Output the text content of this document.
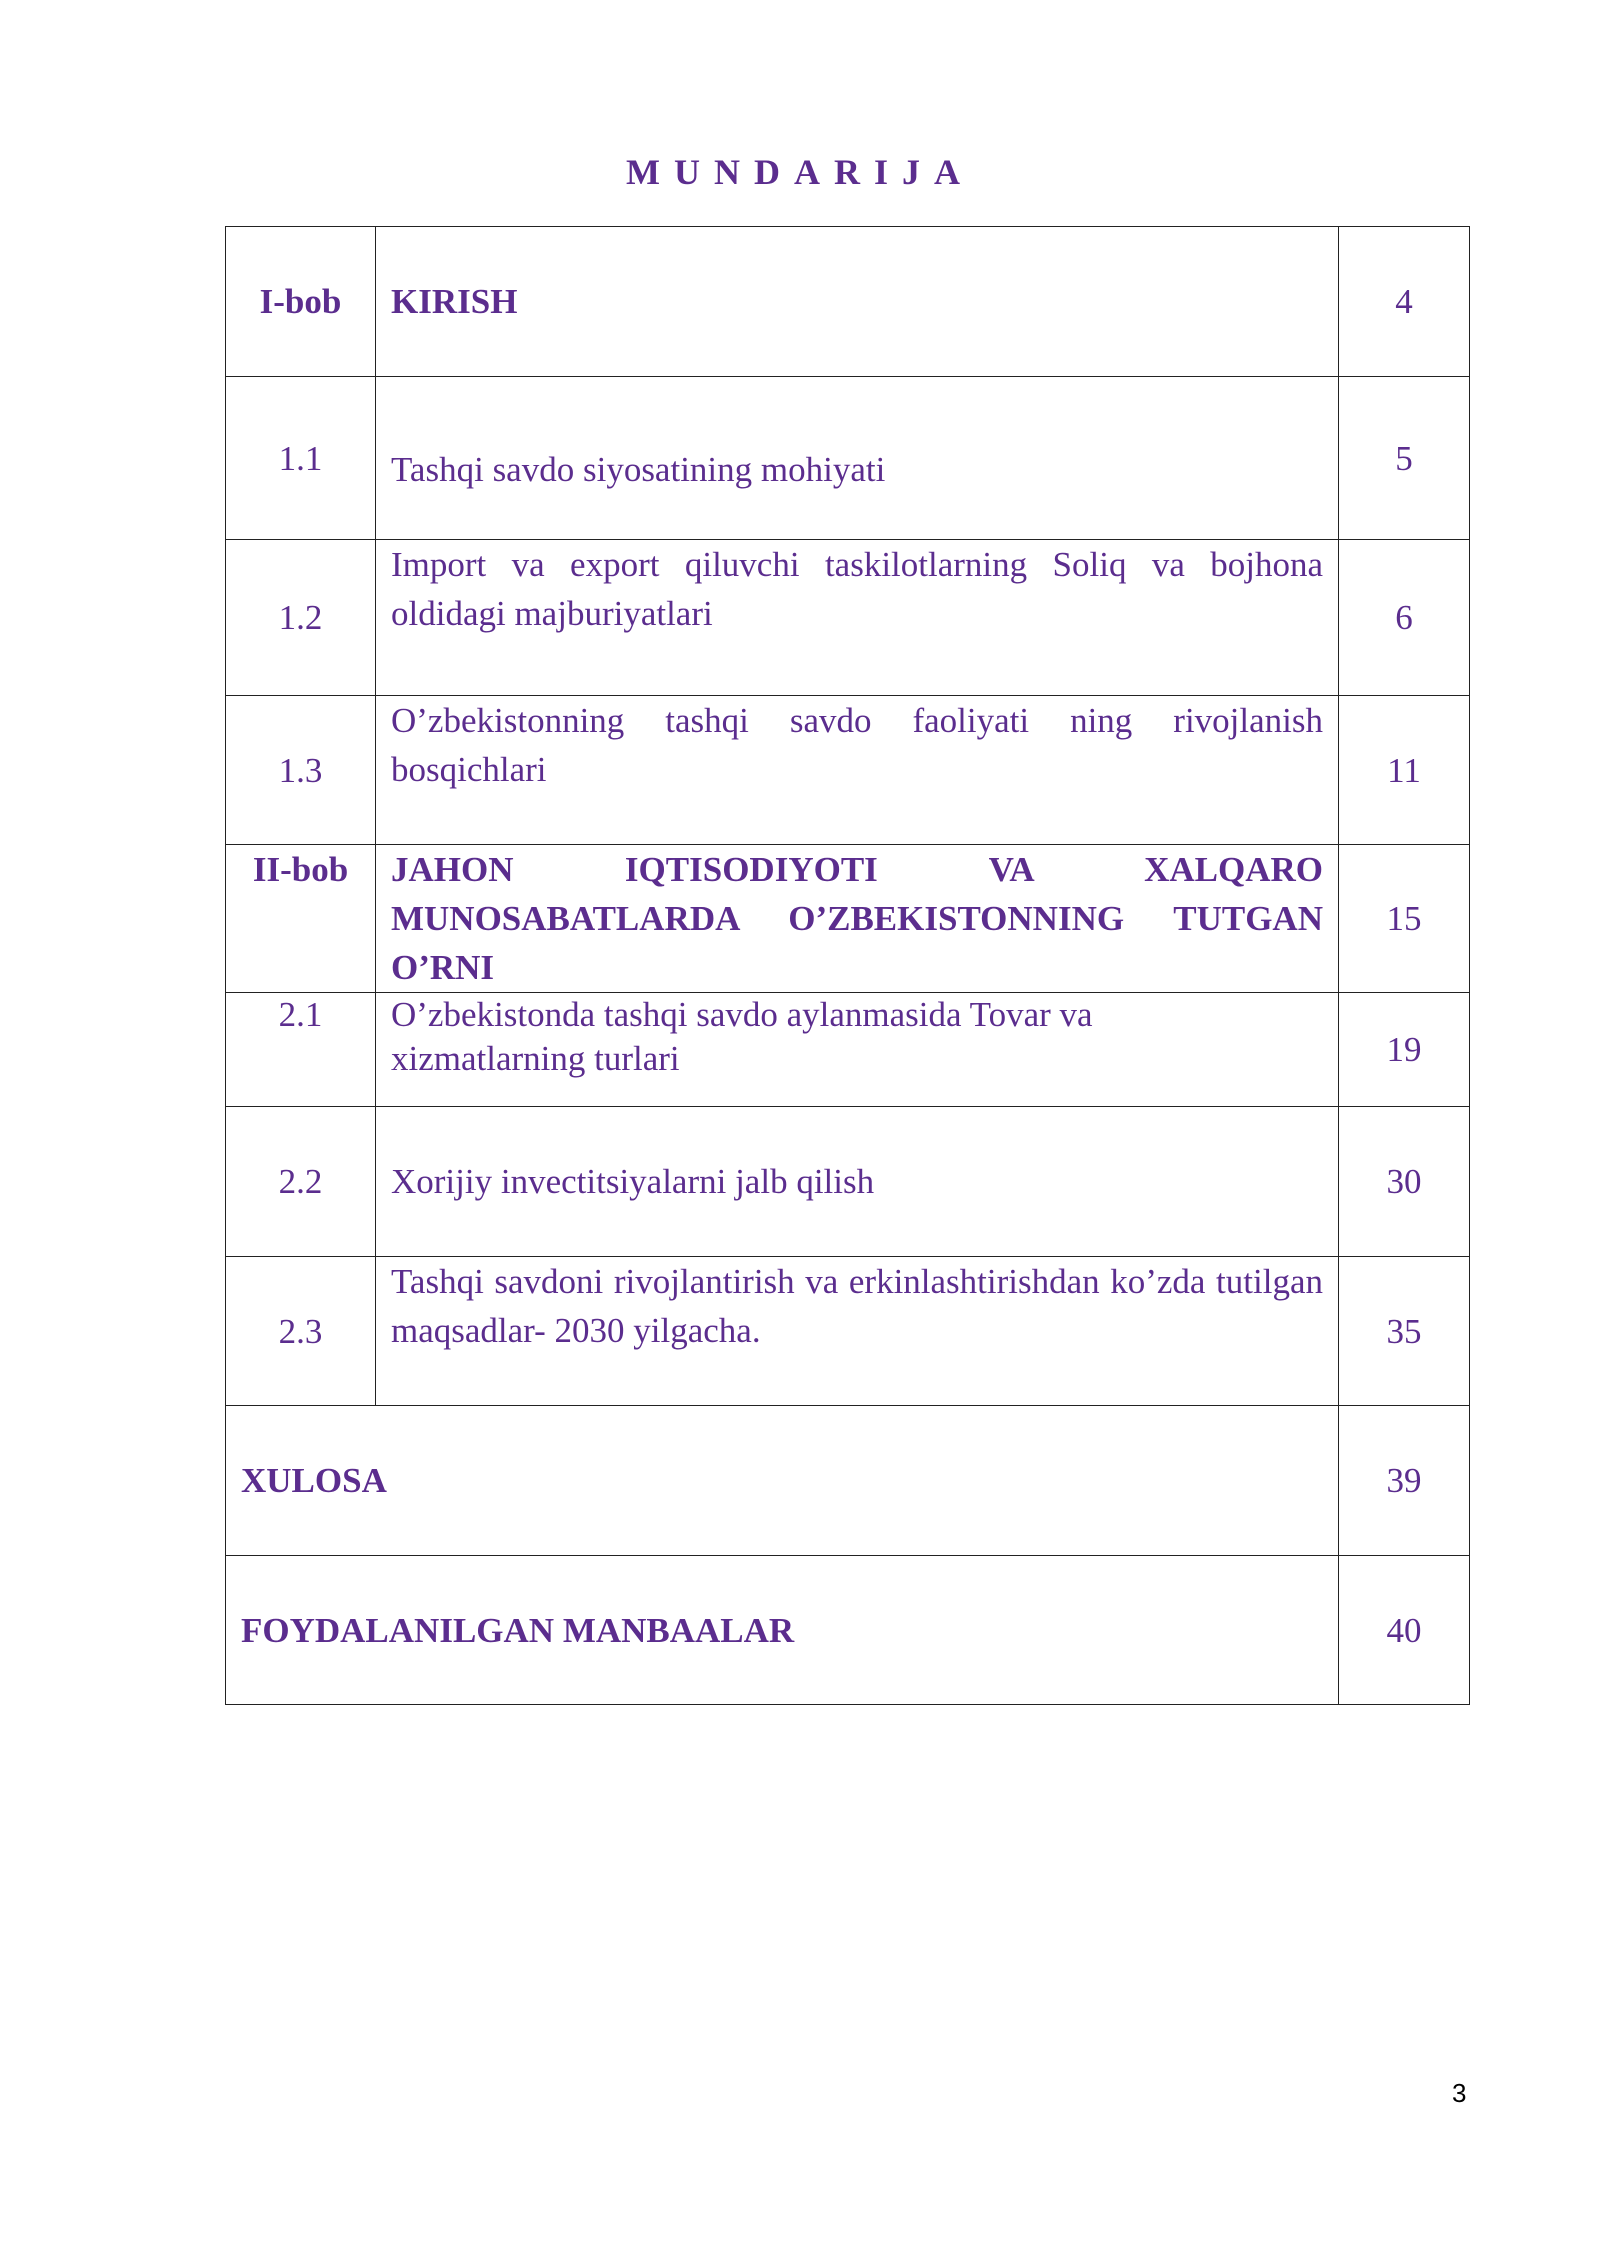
MUNDARIJA
I-bob	KIRISH	4
1.1	Tashqi savdo siyosatining mohiyati	5
1.2	Import va export qiluvchi taskilotlarning Soliq va bojhona oldidagi majburiyatlari	6
1.3	O’zbekistonning tashqi savdo faoliyati ning rivojlanish bosqichlari	11
II-bob	JAHON IQTISODIYOTI VA XALQARO MUNOSABATLARDA O’ZBEKISTONNING TUTGAN O’RNI	15
2.1	O’zbekistonda tashqi savdo aylanmasida Tovar va xizmatlarning turlari	19
2.2	Xorijiy invectitsiyalarni jalb qilish	30
2.3	Tashqi savdoni rivojlantirish va erkinlashtirishdan ko’zda tutilgan maqsadlar- 2030 yilgacha.	35
XULOSA		39
FOYDALANILGAN MANBAALAR		40
3
